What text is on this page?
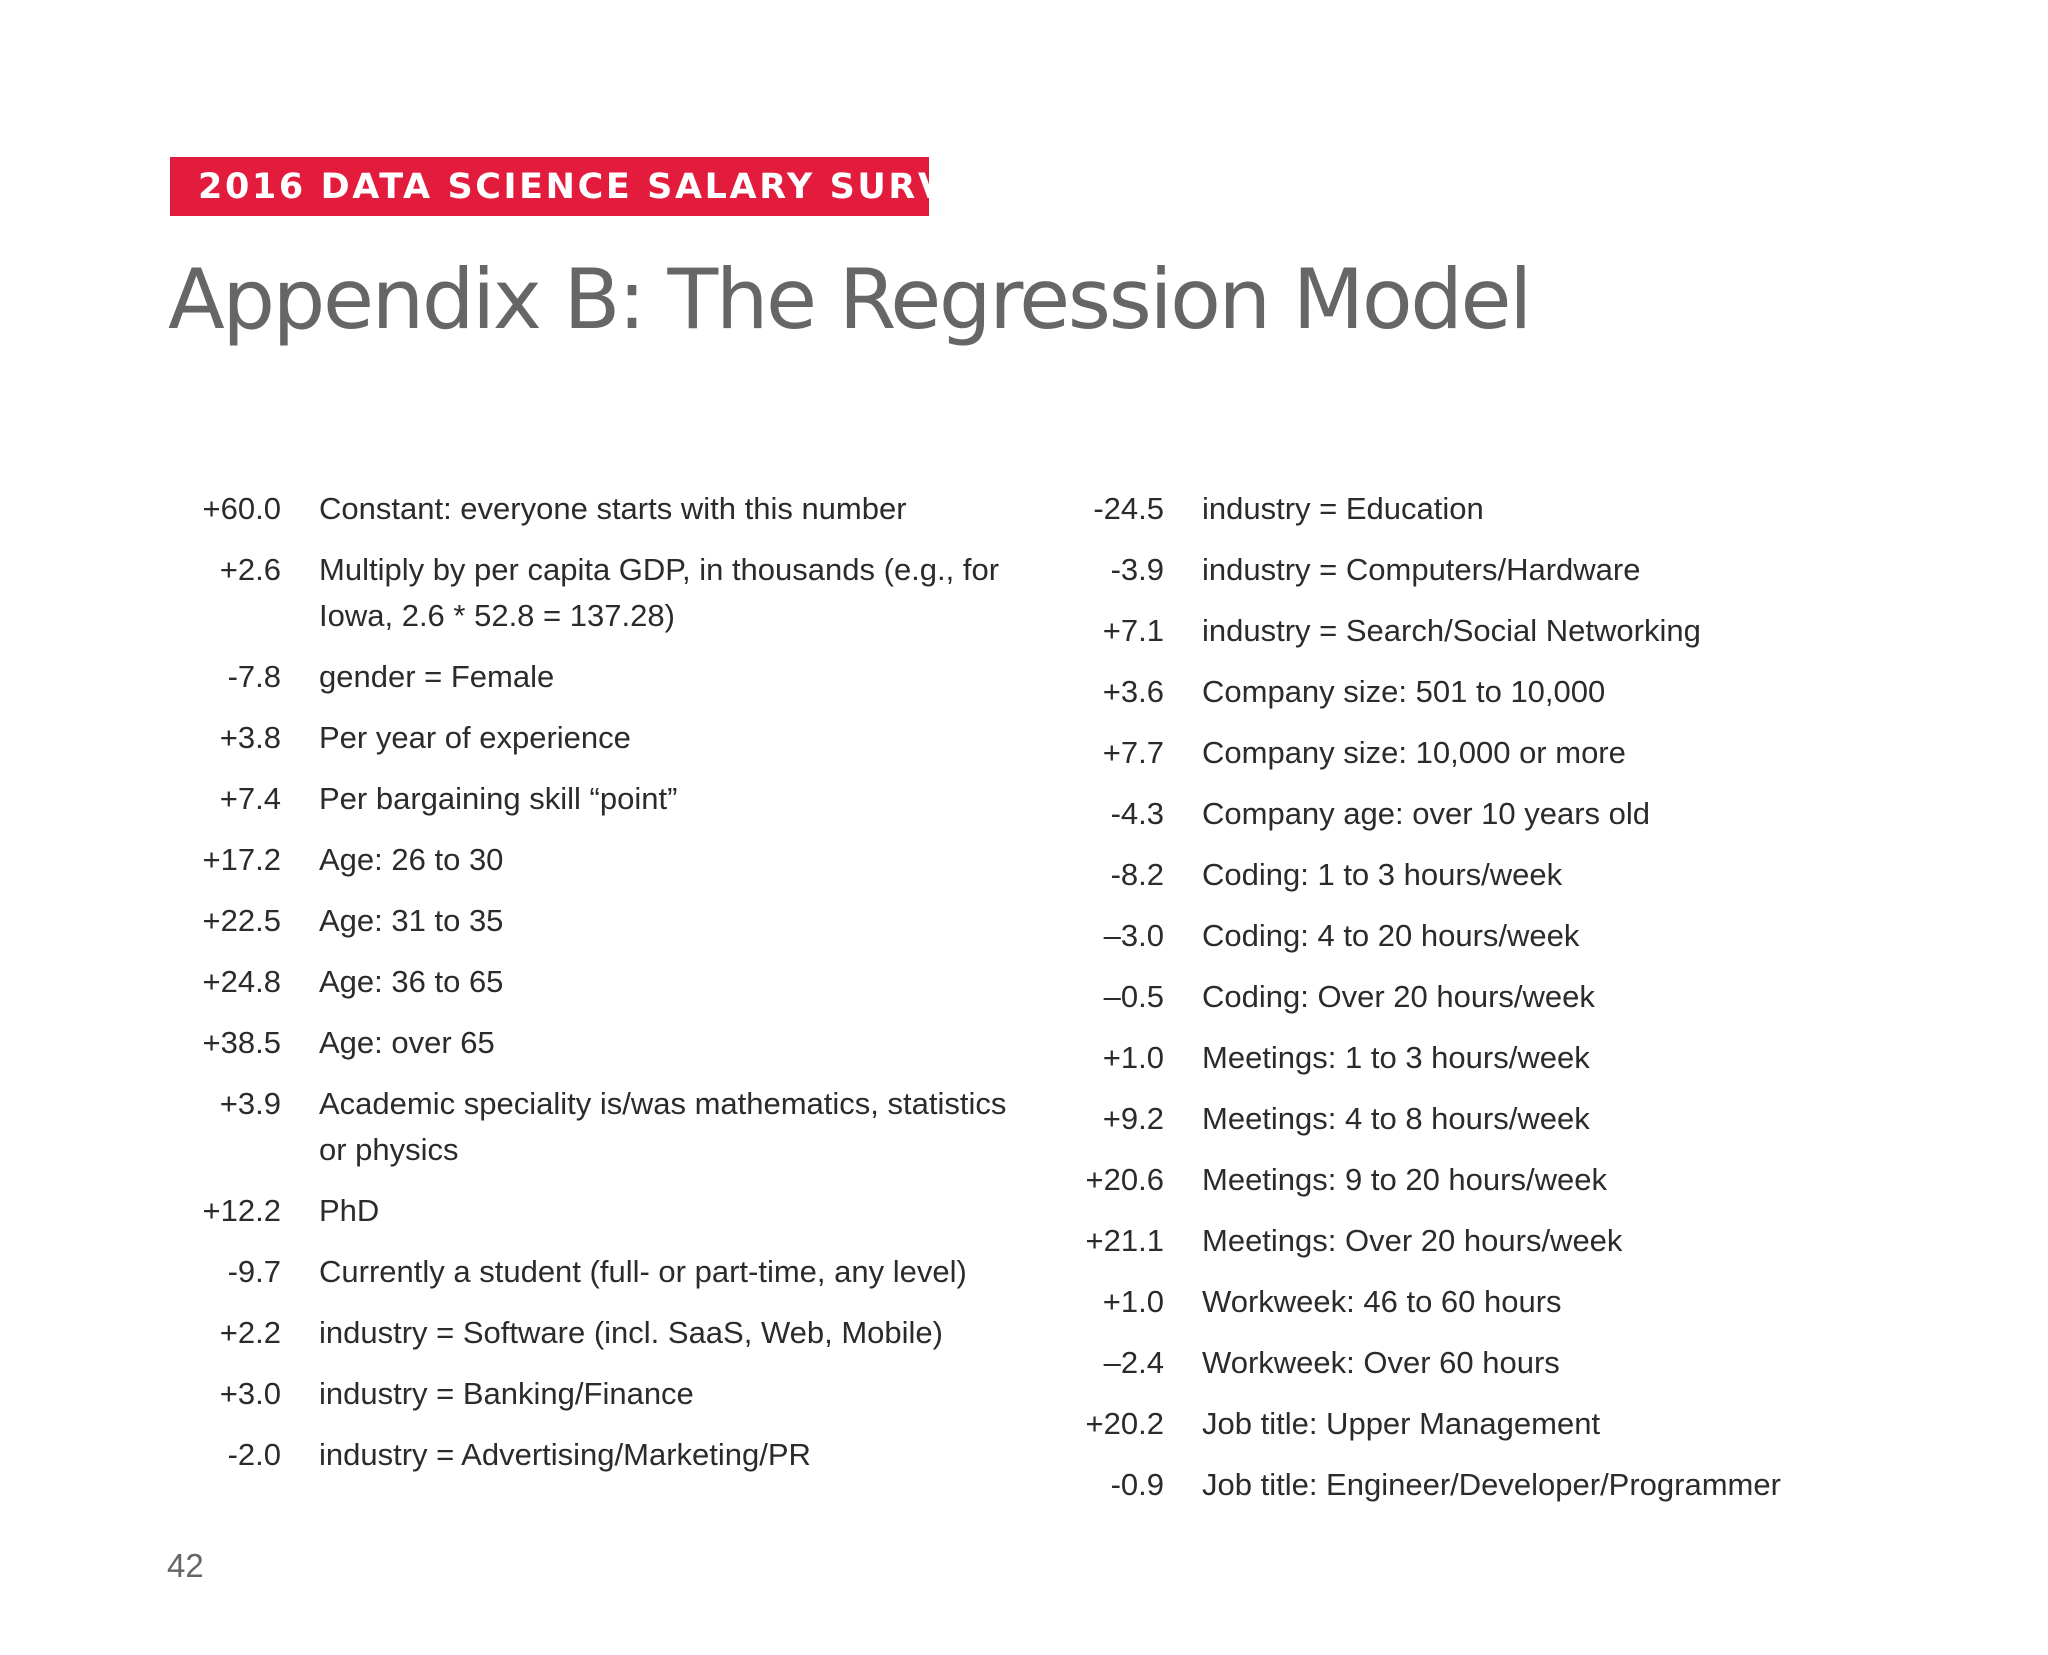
2016 DATA SCIENCE SALARY SURVEY
Appendix B: The Regression Model
+60.0 Constant: everyone starts with this number
+2.6 Multiply by per capita GDP, in thousands (e.g., for
Iowa, 2.6 * 52.8 = 137.28)
-7.8 gender = Female
+3.8 Per year of experience
+7.4 Per bargaining skill “point”
+17.2 Age: 26 to 30
+22.5 Age: 31 to 35
+24.8 Age: 36 to 65
+38.5 Age: over 65
+3.9 Academic speciality is/was mathematics, statistics
or physics
+12.2 PhD
-9.7 Currently a student (full- or part-time, any level)
+2.2 industry = Software (incl. SaaS, Web, Mobile)
+3.0 industry = Banking/Finance
-2.0 industry = Advertising/Marketing/PR
-24.5 industry = Education
-3.9 industry = Computers/Hardware
+7.1 industry = Search/Social Networking
+3.6 Company size: 501 to 10,000
+7.7 Company size: 10,000 or more
-4.3 Company age: over 10 years old
-8.2 Coding: 1 to 3 hours/week
–3.0 Coding: 4 to 20 hours/week
–0.5 Coding: Over 20 hours/week
+1.0 Meetings: 1 to 3 hours/week
+9.2 Meetings: 4 to 8 hours/week
+20.6 Meetings: 9 to 20 hours/week
+21.1 Meetings: Over 20 hours/week
+1.0 Workweek: 46 to 60 hours
–2.4 Workweek: Over 60 hours
+20.2 Job title: Upper Management
-0.9 Job title: Engineer/Developer/Programmer
42
